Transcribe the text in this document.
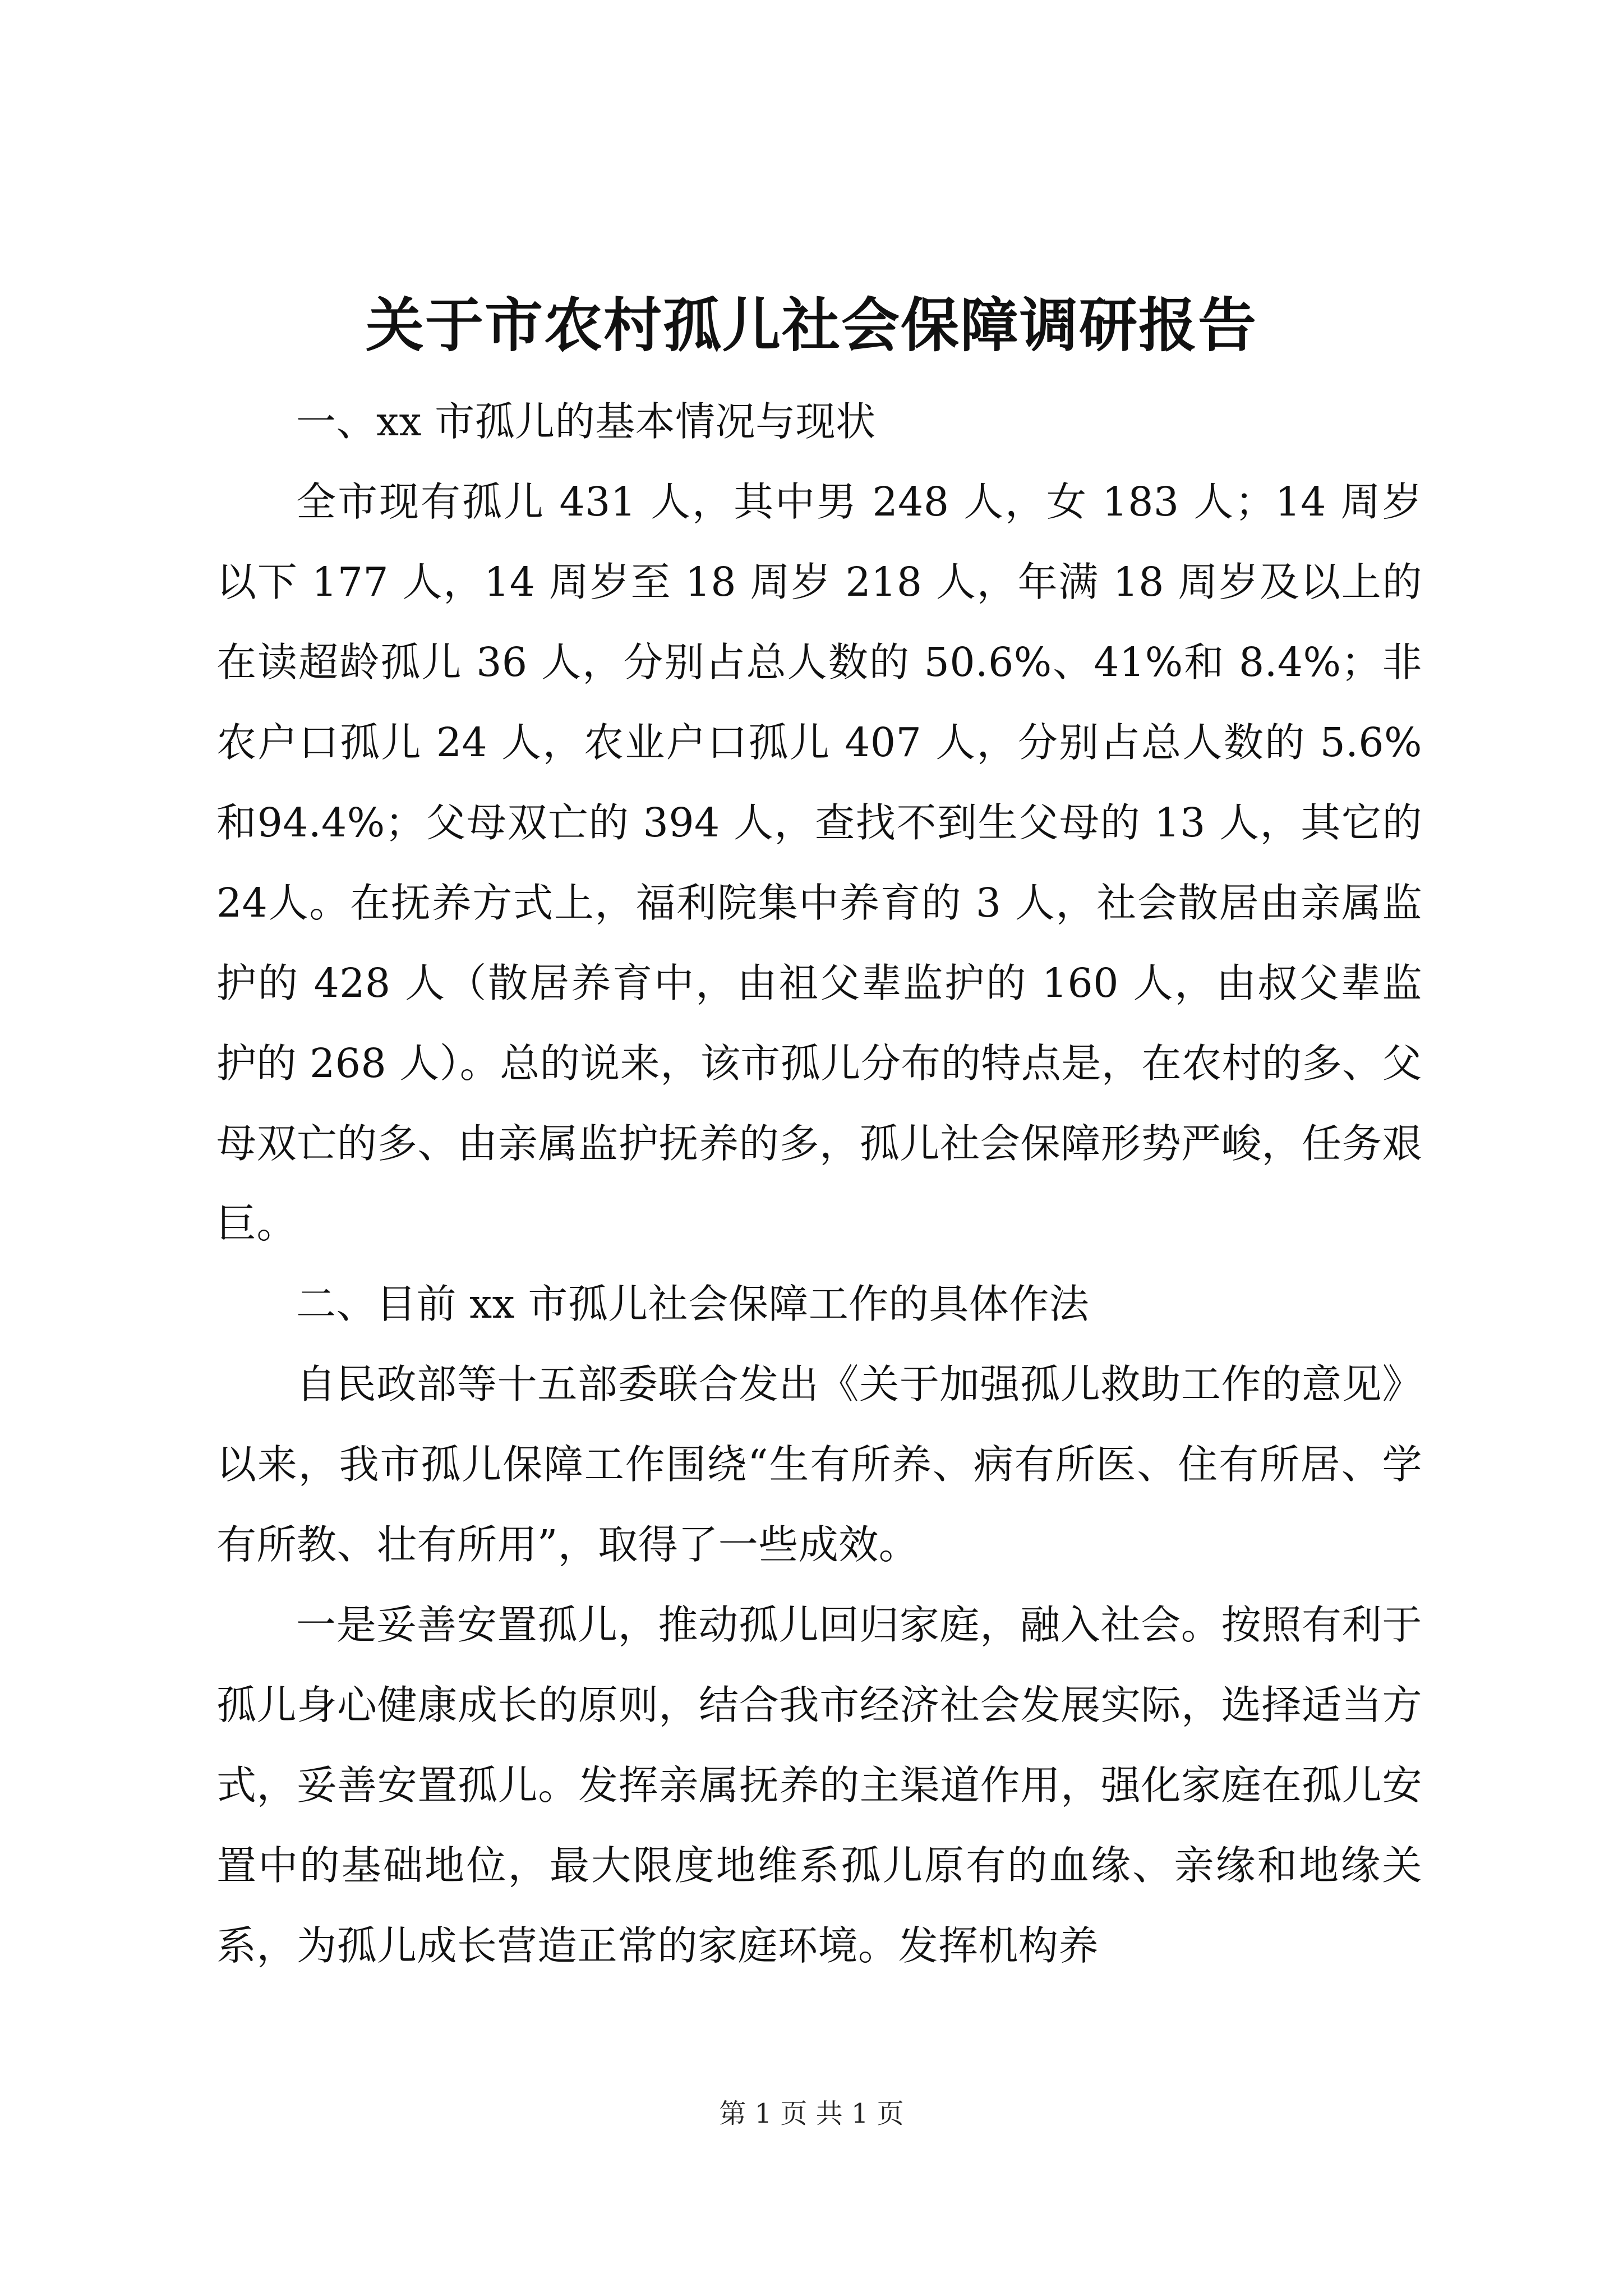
关于市农村孤儿社会保障调研报告

一、xx 市孤儿的基本情况与现状

全市现有孤儿 431 人，其中男 248 人，女 183 人；14 周岁以下 177 人，14 周岁至 18 周岁 218 人，年满 18 周岁及以上的在读超龄孤儿 36 人，分别占总人数的 50.6%、41%和 8.4%；非农户口孤儿 24 人，农业户口孤儿 407 人，分别占总人数的 5.6%和94.4%；父母双亡的 394 人，查找不到生父母的 13 人，其它的 24人。在抚养方式上，福利院集中养育的 3 人，社会散居由亲属监护的 428 人（散居养育中，由祖父辈监护的 160 人，由叔父辈监护的 268 人）。总的说来，该市孤儿分布的特点是，在农村的多、父母双亡的多、由亲属监护抚养的多，孤儿社会保障形势严峻，任务艰巨。

二、目前 xx 市孤儿社会保障工作的具体作法

自民政部等十五部委联合发出《关于加强孤儿救助工作的意见》以来，我市孤儿保障工作围绕“生有所养、病有所医、住有所居、学有所教、壮有所用”，取得了一些成效。

一是妥善安置孤儿，推动孤儿回归家庭，融入社会。按照有利于孤儿身心健康成长的原则，结合我市经济社会发展实际，选择适当方式，妥善安置孤儿。发挥亲属抚养的主渠道作用，强化家庭在孤儿安置中的基础地位，最大限度地维系孤儿原有的血缘、亲缘和地缘关系，为孤儿成长营造正常的家庭环境。发挥机构养

第 1 页 共 1 页
